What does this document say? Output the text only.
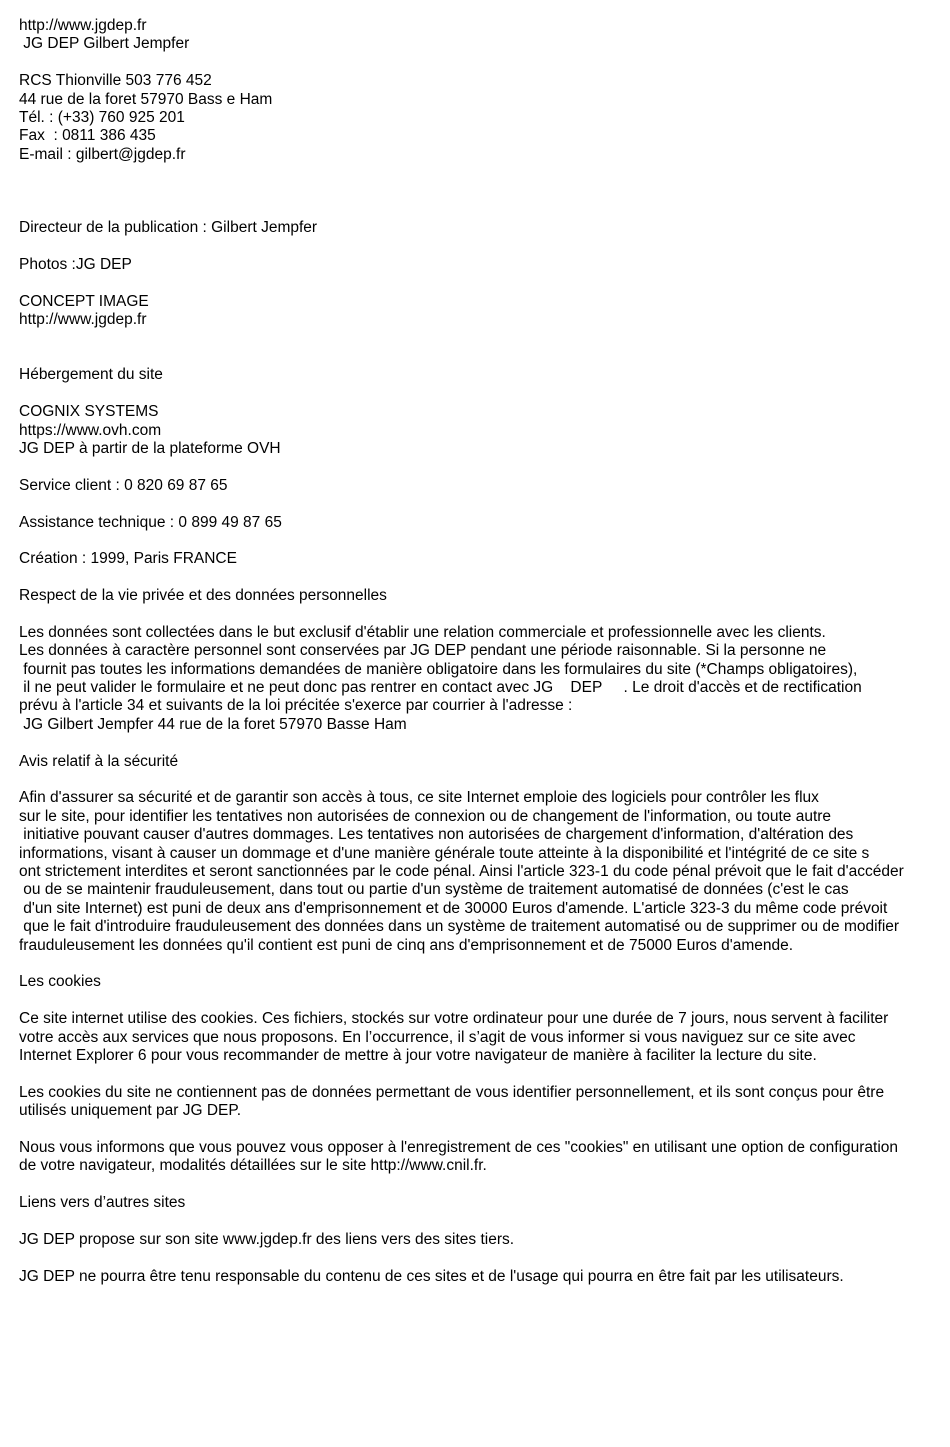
http://www.jgdep.fr
JG DEP Gilbert Jempfer
RCS Thionville 503 776 452
44 rue de la foret 57970 Bass e Ham
Tél. : (+33) 760 925 201
Fax  : 0811 386 435
E-mail : gilbert@jgdep.fr
Directeur de la publication : Gilbert Jempfer
Photos :JG DEP
CONCEPT IMAGE
http://www.jgdep.fr
Hébergement du site
COGNIX SYSTEMS
https://www.ovh.com
JG DEP à partir de la plateforme OVH
Service client : 0 820 69 87 65
Assistance technique : 0 899 49 87 65
Création : 1999, Paris FRANCE
Respect de la vie privée et des données personnelles
Les données sont collectées dans le but exclusif d'établir une relation commerciale et professionnelle avec les clients.
Les données à caractère personnel sont conservées par JG DEP pendant une période raisonnable. Si la personne ne
fournit pas toutes les informations demandées de manière obligatoire dans les formulaires du site (*Champs obligatoires),
il ne peut valider le formulaire et ne peut donc pas rentrer en contact avec JG    DEP     . Le droit d'accès et de rectification
prévu à l'article 34 et suivants de la loi précitée s'exerce par courrier à l'adresse :
JG Gilbert Jempfer 44 rue de la foret 57970 Basse Ham
Avis relatif à la sécurité
Afin d'assurer sa sécurité et de garantir son accès à tous, ce site Internet emploie des logiciels pour contrôler les flux
sur le site, pour identifier les tentatives non autorisées de connexion ou de changement de l'information, ou toute autre
initiative pouvant causer d'autres dommages. Les tentatives non autorisées de chargement d'information, d'altération des
informations, visant à causer un dommage et d'une manière générale toute atteinte à la disponibilité et l'intégrité de ce site s
ont strictement interdites et seront sanctionnées par le code pénal. Ainsi l'article 323-1 du code pénal prévoit que le fait d'accéder
ou de se maintenir frauduleusement, dans tout ou partie d'un système de traitement automatisé de données (c'est le cas
d'un site Internet) est puni de deux ans d'emprisonnement et de 30000 Euros d'amende. L'article 323-3 du même code prévoit
que le fait d'introduire frauduleusement des données dans un système de traitement automatisé ou de supprimer ou de modifier
frauduleusement les données qu'il contient est puni de cinq ans d'emprisonnement et de 75000 Euros d'amende.
Les cookies
Ce site internet utilise des cookies. Ces fichiers, stockés sur votre ordinateur pour une durée de 7 jours, nous servent à faciliter
votre accès aux services que nous proposons. En l’occurrence, il s’agit de vous informer si vous naviguez sur ce site avec
Internet Explorer 6 pour vous recommander de mettre à jour votre navigateur de manière à faciliter la lecture du site.
Les cookies du site ne contiennent pas de données permettant de vous identifier personnellement, et ils sont conçus pour être
utilisés uniquement par JG DEP.
Nous vous informons que vous pouvez vous opposer à l'enregistrement de ces "cookies" en utilisant une option de configuration
de votre navigateur, modalités détaillées sur le site http://www.cnil.fr.
Liens vers d’autres sites
JG DEP propose sur son site www.jgdep.fr des liens vers des sites tiers.
JG DEP ne pourra être tenu responsable du contenu de ces sites et de l'usage qui pourra en être fait par les utilisateurs.
